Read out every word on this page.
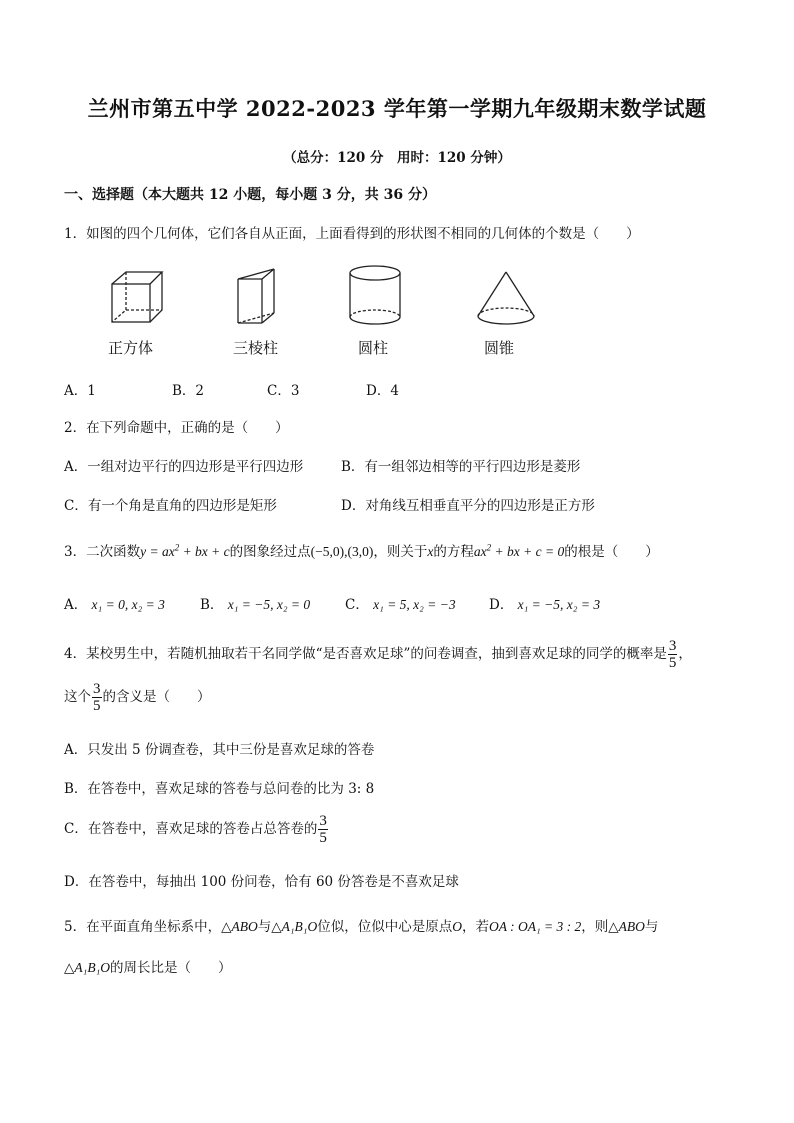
兰州市第五中学 2022-2023 学年第一学期九年级期末数学试题
（总分：120 分　用时：120 分钟）
一、选择题（本大题共 12 小题，每小题 3 分，共 36 分）
1．如图的四个几何体，它们各自从正面，上面看得到的形状图不相同的几何体的个数是（　　）
正方体	三棱柱	圆柱	圆锥
A．1	B．2	C．3	D．4
2．在下列命题中，正确的是（　　）
A．一组对边平行的四边形是平行四边形	B．有一组邻边相等的平行四边形是菱形
C．有一个角是直角的四边形是矩形	D．对角线互相垂直平分的四边形是正方形
3．二次函数$y = ax^2$ + bx + c的图象经过点(−5,0),(3,0)，则关于x的方程$ax^2$ + bx + c = 0的根是（　　）
A． x₁ = 0, x₂ = 3	B． x₁ = −5, x₂ = 0	C． x₁ = 5, x₂ = −3 D． x₁ = −5, x₂ = 3
4．某校男生中，若随机抽取若干名同学做“是否喜欢足球”的问卷调查，抽到喜欢足球的同学的概率是 $\frac{3}{5}$ ，
这个 $\frac{3}{5}$ 的含义是（　　）
A．只发出 5 份调查卷，其中三份是喜欢足球的答卷
B．在答卷中，喜欢足球的答卷与总问卷的比为 3: 8
C．在答卷中，喜欢足球的答卷占总答卷的 $\frac{3}{5}$
D．在答卷中，每抽出 100 份问卷，恰有 60 份答卷是不喜欢足球
5．在平面直角坐标系中，△ABO与△A₁B₁O位似，位似中心是原点O，若OA : OA₁ = 3 : 2，则△ABO与
△A₁B₁O的周长比是（　　）
